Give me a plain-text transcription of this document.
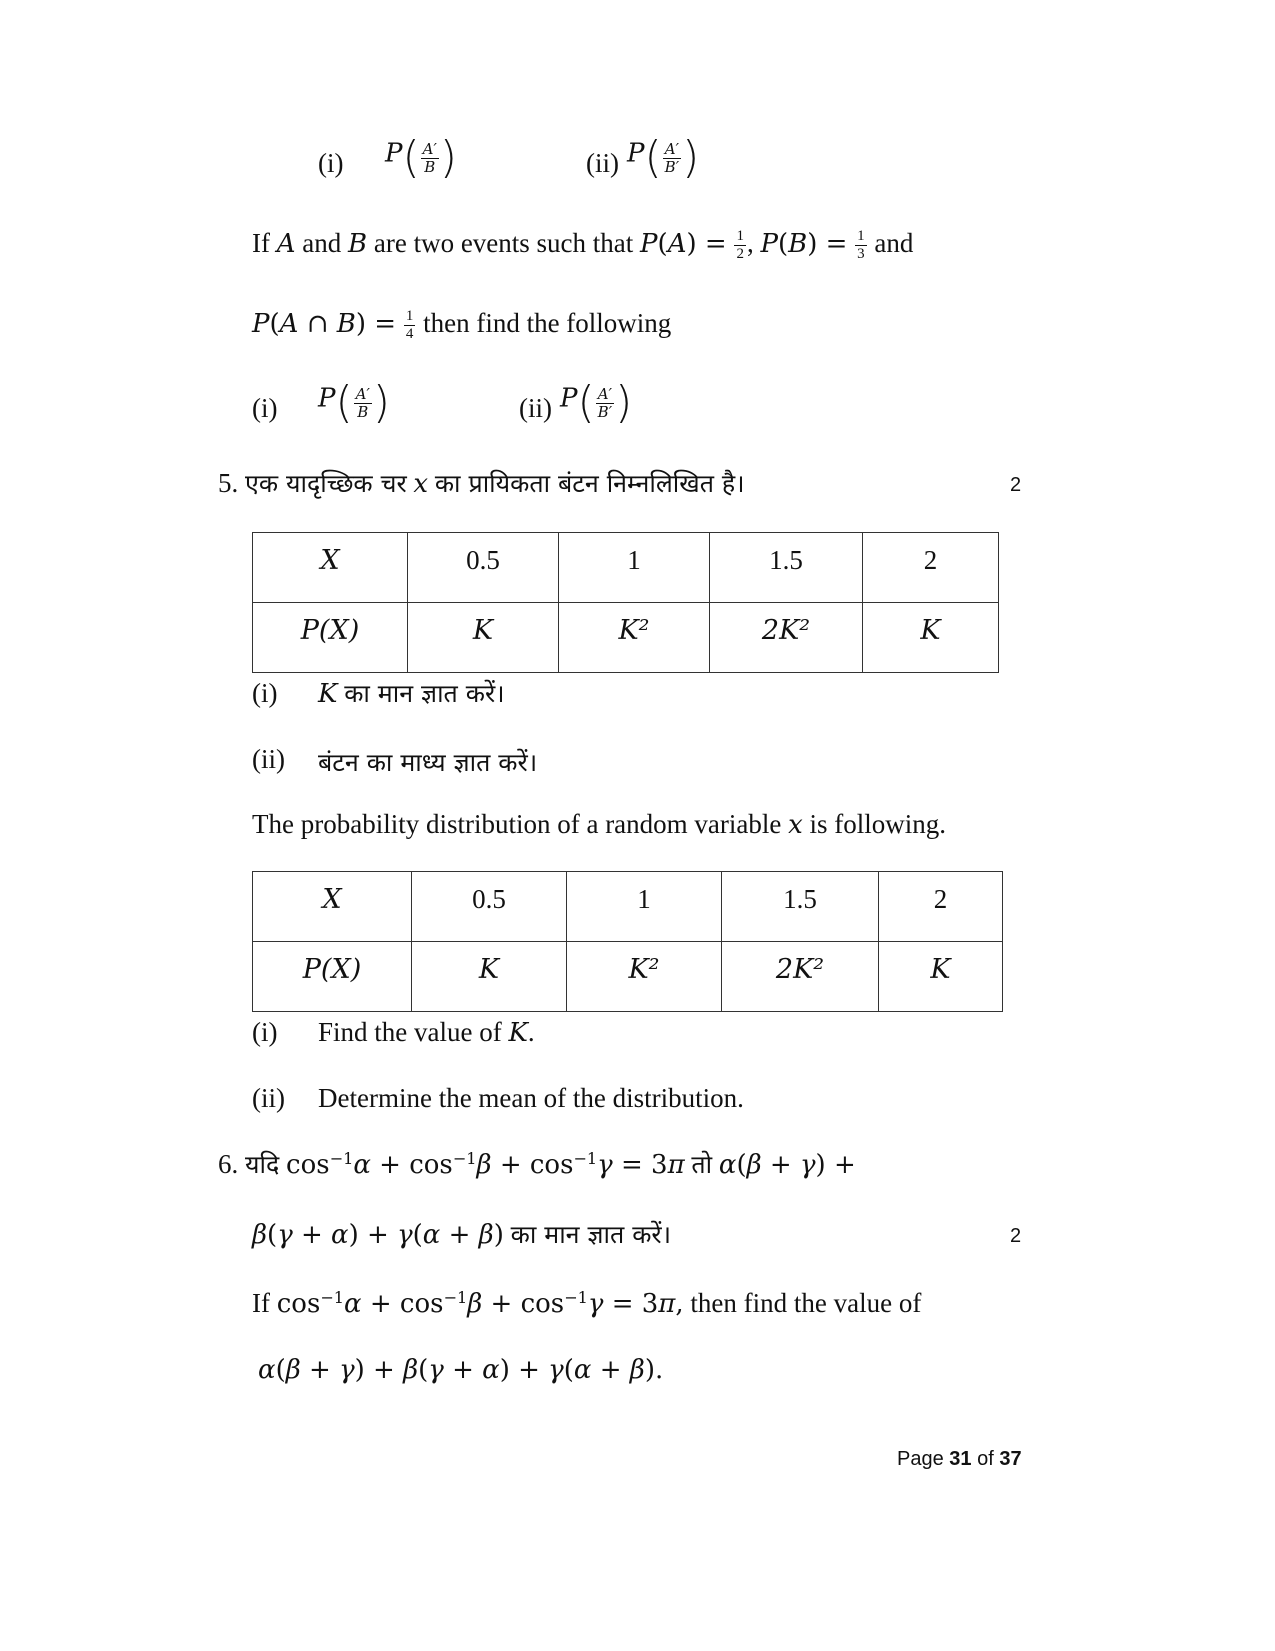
(i) $P( \frac{A'}{B}$ )	(ii) $P( \frac{A'}{B'}$ )
If A and B are two events such that $P(A) = \frac{1}{2}$ , $P(B) = \frac{1}{3}$ and
P(A ∩ $B) = \frac{1}{4}$ then find the following
(i) $P( \frac{A'}{B}$ )	(ii) $P( \frac{A'}{B'}$ )
5. एक यादृच्छिक चर x का प्रायिकता बंटन निम्नलिखित है।	2
X	0.5	1	1.5	2
P(X)	K	K²	2K²	K
(i) K का मान ज्ञात करें।
(ii) बंटन का माध्य ज्ञात करें।
The probability distribution of a random variable x is following.
X	0.5	1	1.5	2
P(X)	K	K²	2K²	K
(i) Find the value of K.
(ii) Determine the mean of the distribution.
6. यदि $\cos^{-1}\alpha + \cos^{-1}\beta + \cos^{-1}\gamma = 3\pi$ तो α(β + γ) +
β(γ + α) + γ(α + β) का मान ज्ञात करें।	2
If $\cos^{-1}\alpha + \cos^{-1}\beta + \cos^{-1}\gamma = 3\pi$, then find the value of
α(β + γ) + β(γ + α) + γ(α + β).
Page 31 of 37
